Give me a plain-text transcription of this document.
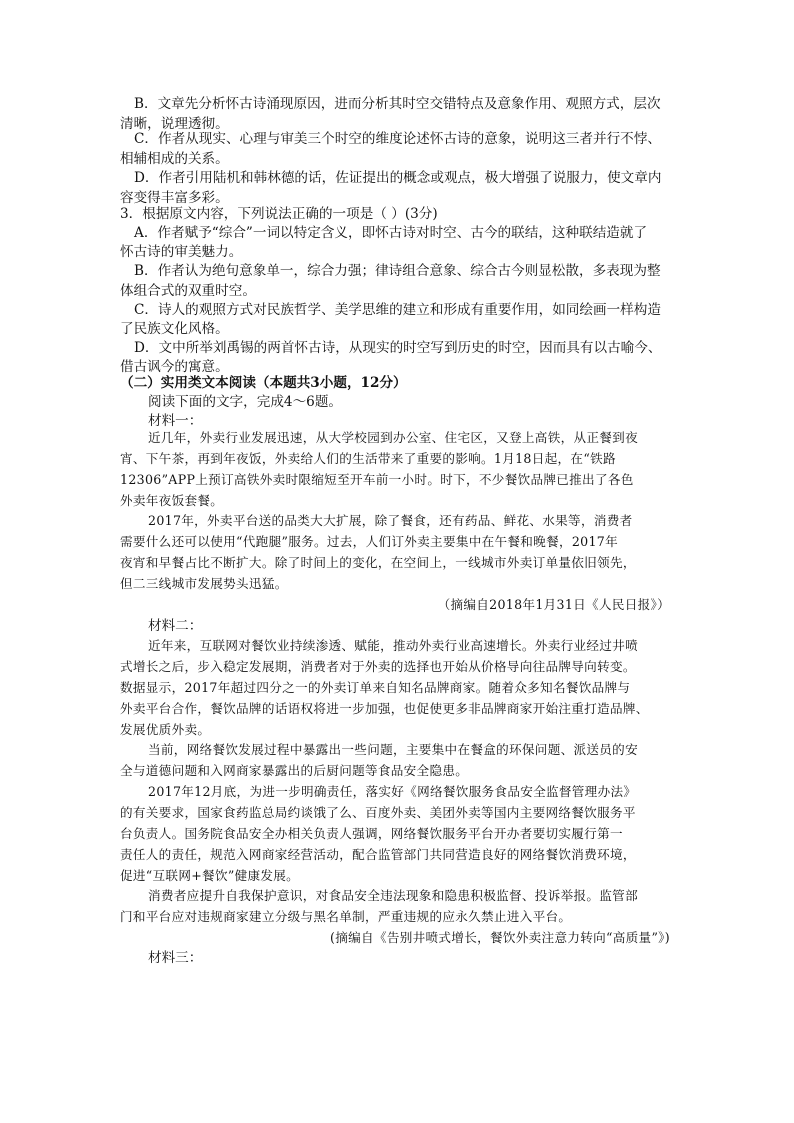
B．文章先分析怀古诗涌现原因，进而分析其时空交错特点及意象作用、观照方式，层次
清晰，说理透彻。
C．作者从现实、心理与审美三个时空的维度论述怀古诗的意象，说明这三者并行不悖、
相辅相成的关系。
D．作者引用陆机和韩林德的话，佐证提出的概念或观点，极大增强了说服力，使文章内
容变得丰富多彩。
3．根据原文内容，下列说法正确的一项是（ ）(3分)
A．作者赋予“综合”一词以特定含义，即怀古诗对时空、古今的联结，这种联结造就了
怀古诗的审美魅力。
B．作者认为绝句意象单一，综合力强；律诗组合意象、综合古今则显松散，多表现为整
体组合式的双重时空。
C．诗人的观照方式对民族哲学、美学思维的建立和形成有重要作用，如同绘画一样构造
了民族文化风格。
D．文中所举刘禹锡的两首怀古诗，从现实的时空写到历史的时空，因而具有以古喻今、
借古讽今的寓意。
（二）实用类文本阅读（本题共3小题，12分）
阅读下面的文字，完成4～6题。
材料一：
近几年，外卖行业发展迅速，从大学校园到办公室、住宅区，又登上高铁，从正餐到夜
宵、下午茶，再到年夜饭，外卖给人们的生活带来了重要的影响。1月18日起，在“铁路
12306”APP上预订高铁外卖时限缩短至开车前一小时。时下，不少餐饮品牌已推出了各色
外卖年夜饭套餐。
2017年，外卖平台送的品类大大扩展，除了餐食，还有药品、鲜花、水果等，消费者
需要什么还可以使用“代跑腿”服务。过去，人们订外卖主要集中在午餐和晚餐，2017年
夜宵和早餐占比不断扩大。除了时间上的变化，在空间上，一线城市外卖订单量依旧领先，
但二三线城市发展势头迅猛。
（摘编自2018年1月31日《人民日报》）
材料二：
近年来，互联网对餐饮业持续渗透、赋能，推动外卖行业高速增长。外卖行业经过井喷
式增长之后，步入稳定发展期，消费者对于外卖的选择也开始从价格导向往品牌导向转变。
数据显示，2017年超过四分之一的外卖订单来自知名品牌商家。随着众多知名餐饮品牌与
外卖平台合作，餐饮品牌的话语权将进一步加强，也促使更多非品牌商家开始注重打造品牌、
发展优质外卖。
当前，网络餐饮发展过程中暴露出一些问题，主要集中在餐盒的环保问题、派送员的安
全与道德问题和入网商家暴露出的后厨问题等食品安全隐患。
2017年12月底，为进一步明确责任，落实好《网络餐饮服务食品安全监督管理办法》
的有关要求，国家食药监总局约谈饿了么、百度外卖、美团外卖等国内主要网络餐饮服务平
台负责人。国务院食品安全办相关负责人强调，网络餐饮服务平台开办者要切实履行第一
责任人的责任，规范入网商家经营活动，配合监管部门共同营造良好的网络餐饮消费环境，
促进“互联网+餐饮”健康发展。
消费者应提升自我保护意识，对食品安全违法现象和隐患积极监督、投诉举报。监管部
门和平台应对违规商家建立分级与黑名单制，严重违规的应永久禁止进入平台。
(摘编自《告别井喷式增长，餐饮外卖注意力转向“高质量”》)
材料三：
